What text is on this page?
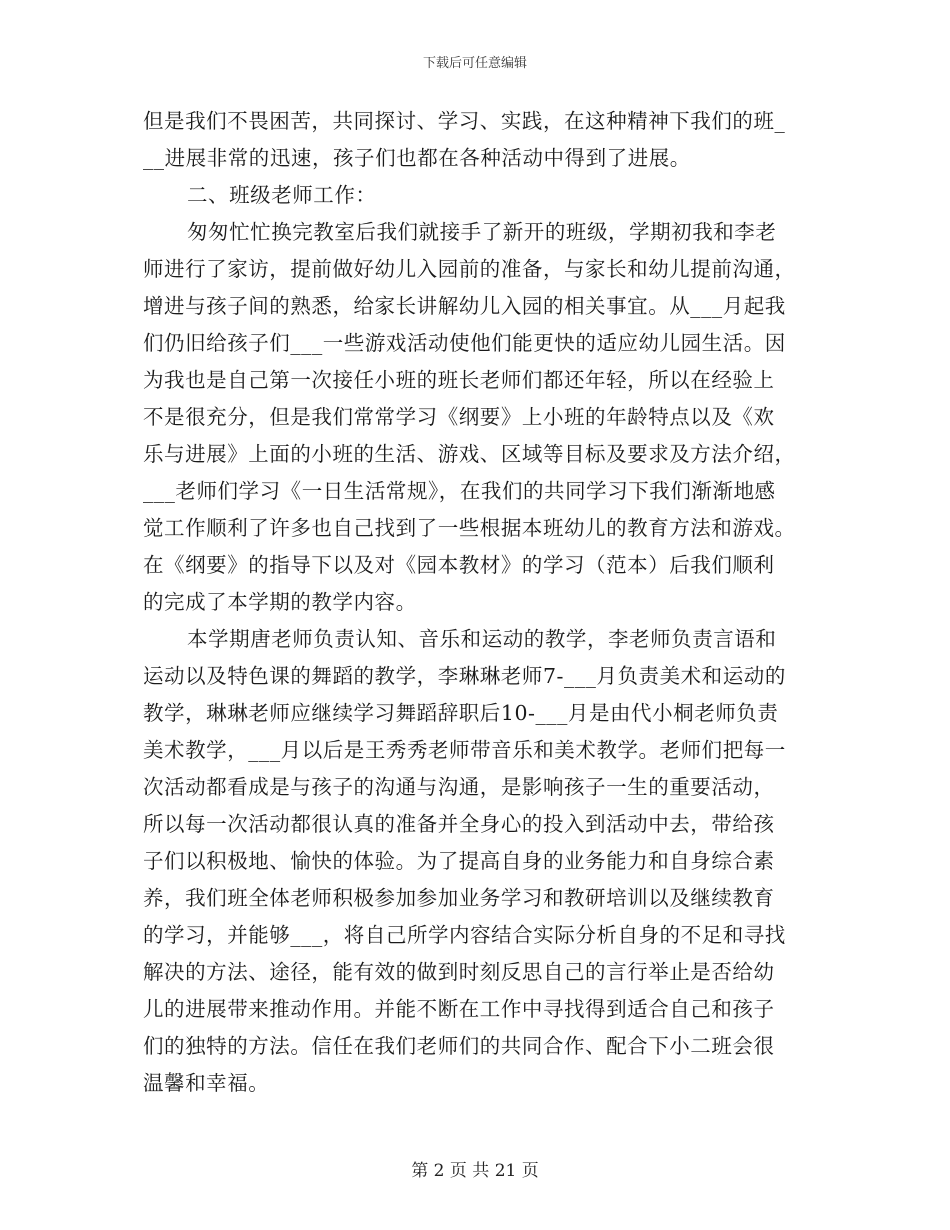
下载后可任意编辑
但是我们不畏困苦，共同探讨、学习、实践，在这种精神下我们的班_
__进展非常的迅速，孩子们也都在各种活动中得到了进展。
二、班级老师工作：
匆匆忙忙换完教室后我们就接手了新开的班级，学期初我和李老
师进行了家访，提前做好幼儿入园前的准备，与家长和幼儿提前沟通，
增进与孩子间的熟悉，给家长讲解幼儿入园的相关事宜。从___月起我
们仍旧给孩子们___一些游戏活动使他们能更快的适应幼儿园生活。因
为我也是自己第一次接任小班的班长老师们都还年轻，所以在经验上
不是很充分，但是我们常常学习《纲要》上小班的年龄特点以及《欢
乐与进展》上面的小班的生活、游戏、区域等目标及要求及方法介绍，
___老师们学习《一日生活常规》，在我们的共同学习下我们渐渐地感
觉工作顺利了许多也自己找到了一些根据本班幼儿的教育方法和游戏。
在《纲要》的指导下以及对《园本教材》的学习（范本）后我们顺利
的完成了本学期的教学内容。
本学期唐老师负责认知、音乐和运动的教学，李老师负责言语和
运动以及特色课的舞蹈的教学，李琳琳老师7-___月负责美术和运动的
教学，琳琳老师应继续学习舞蹈辞职后10-___月是由代小桐老师负责
美术教学，___月以后是王秀秀老师带音乐和美术教学。老师们把每一
次活动都看成是与孩子的沟通与沟通，是影响孩子一生的重要活动，
所以每一次活动都很认真的准备并全身心的投入到活动中去，带给孩
子们以积极地、愉快的体验。为了提高自身的业务能力和自身综合素
养，我们班全体老师积极参加参加业务学习和教研培训以及继续教育
的学习，并能够___，将自己所学内容结合实际分析自身的不足和寻找
解决的方法、途径，能有效的做到时刻反思自己的言行举止是否给幼
儿的进展带来推动作用。并能不断在工作中寻找得到适合自己和孩子
们的独特的方法。信任在我们老师们的共同合作、配合下小二班会很
温馨和幸福。
第 2 页 共 21 页
